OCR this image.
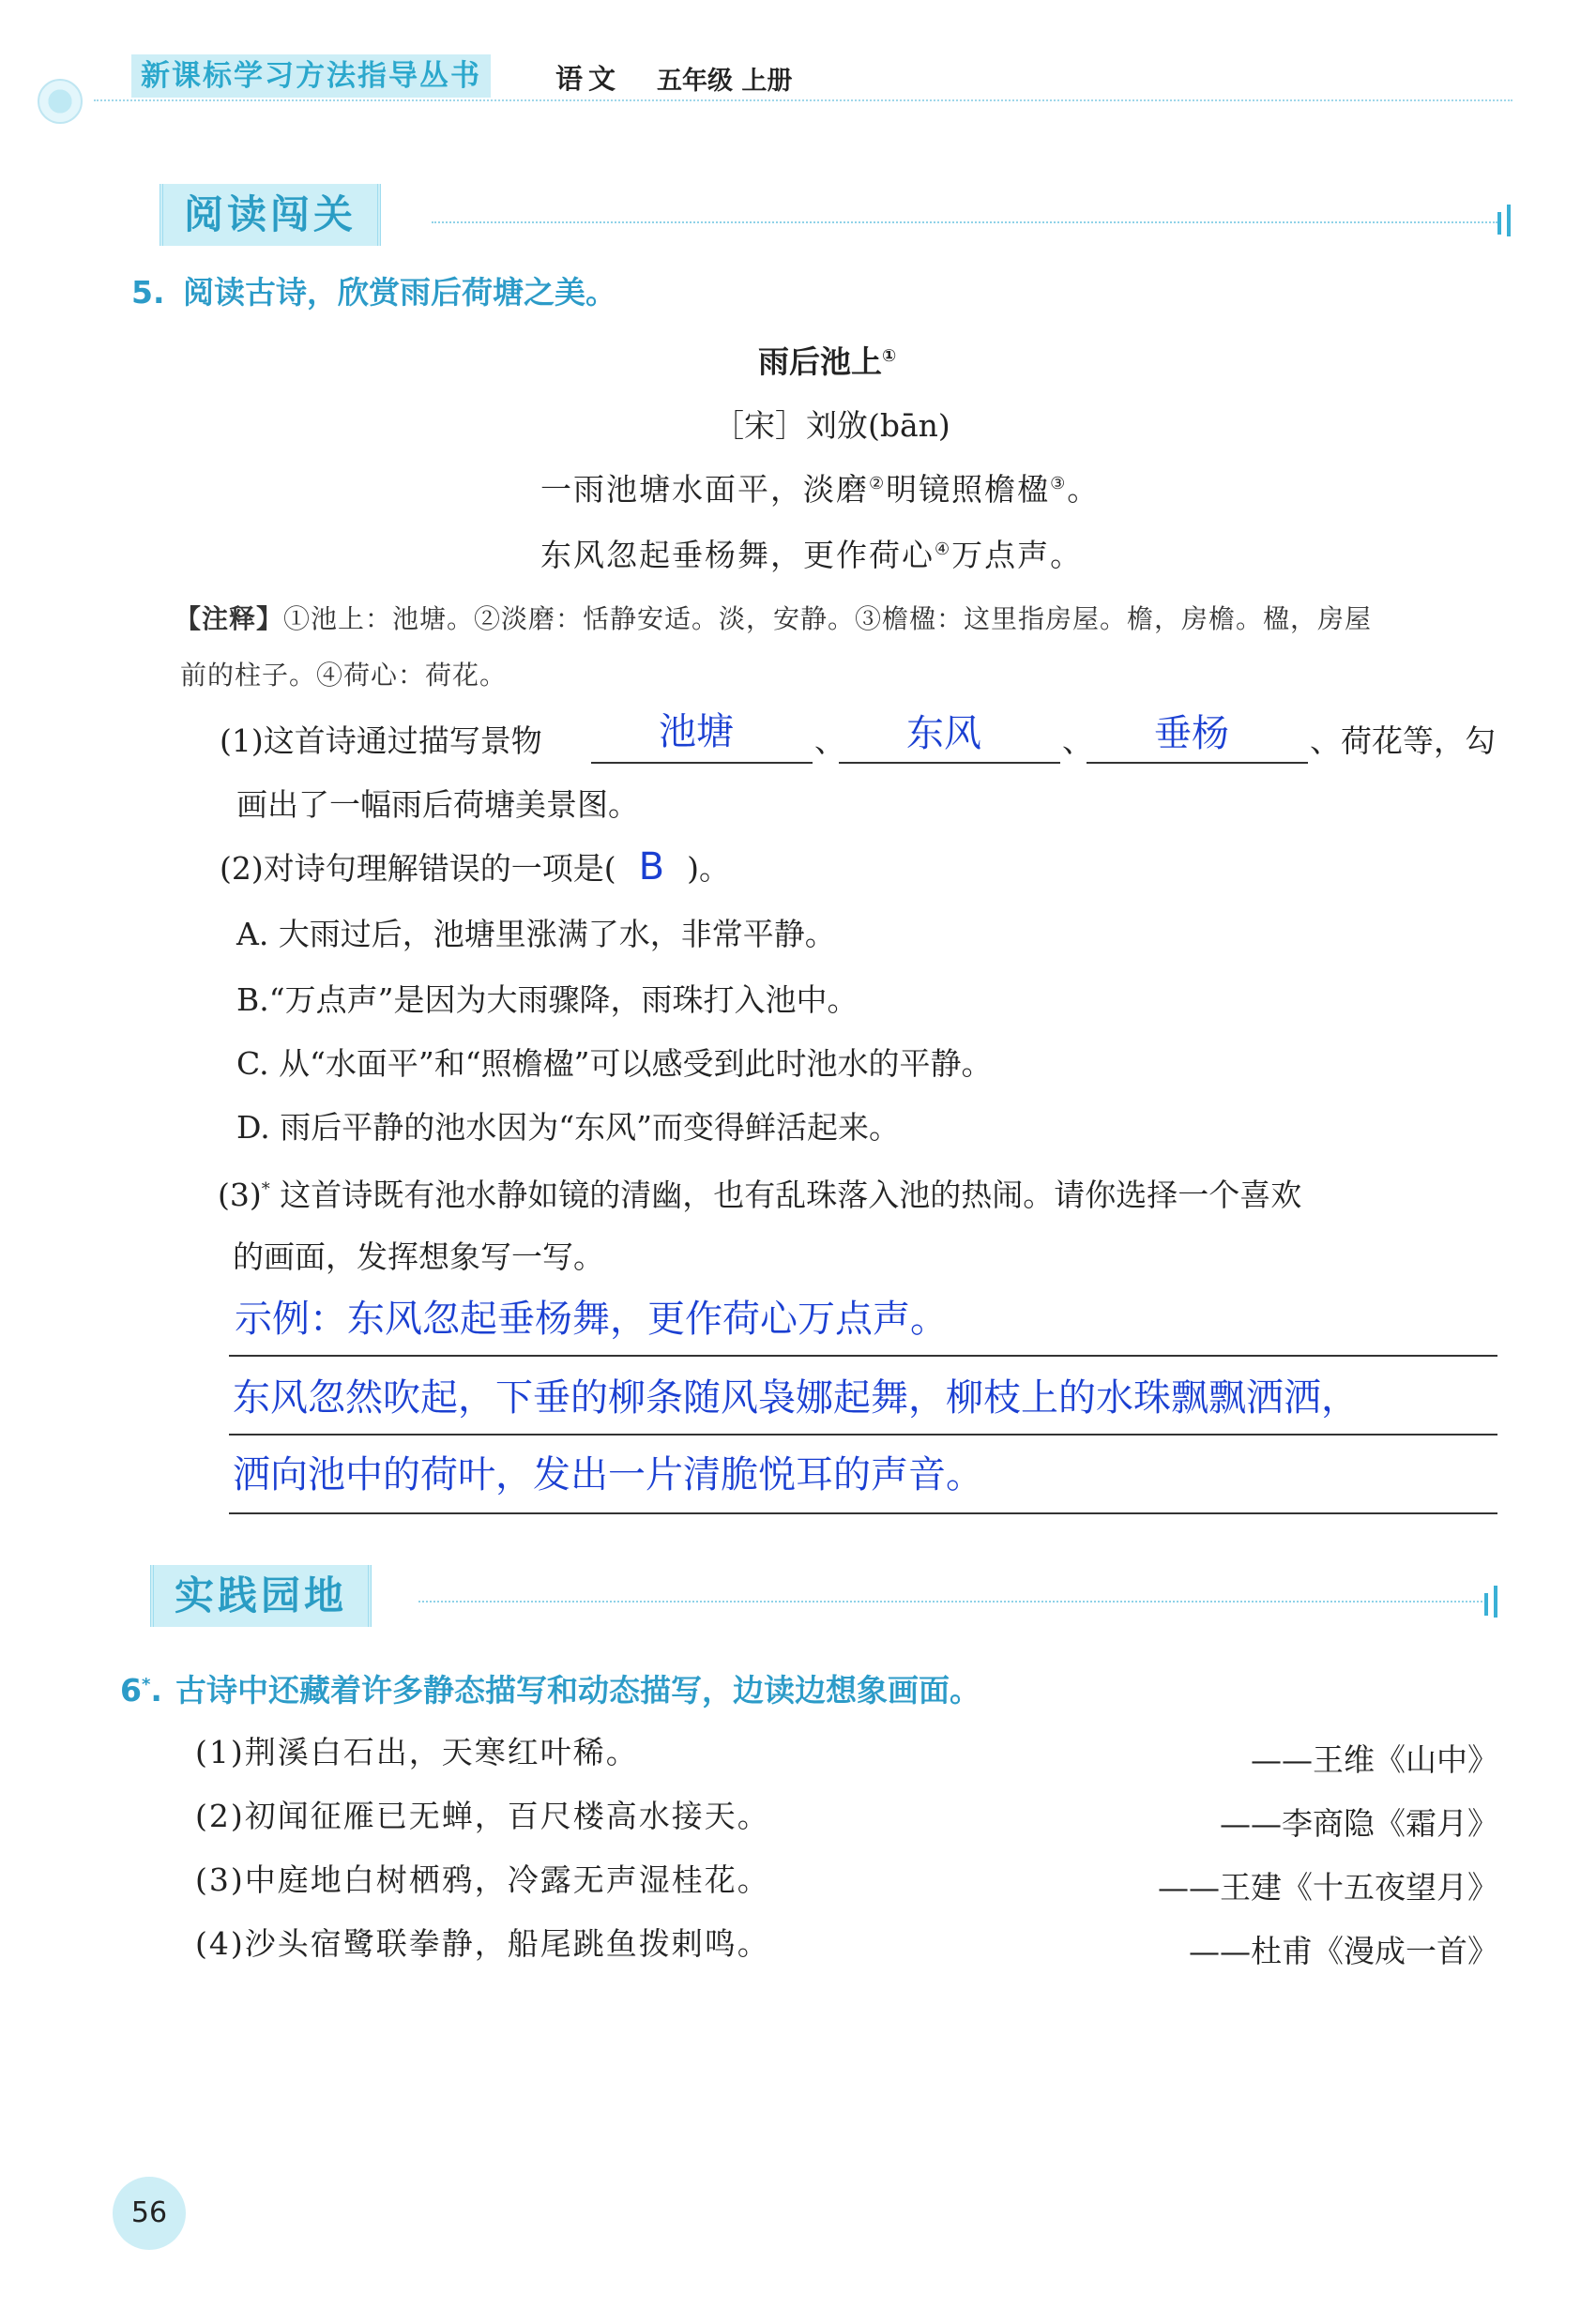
新课标学习方法指导丛书	语文 五年级 上册
阅读闯关
5. 阅读古诗，欣赏雨后荷塘之美。
雨后池上①
［宋］刘攽(bān)
一雨池塘水面平，淡磨②明镜照檐楹③。
东风忽起垂杨舞，更作荷心④万点声。
【注释】①池上：池塘。②淡磨：恬静安适。淡，安静。③檐楹：这里指房屋。檐，房檐。楹，房屋
前的柱子。④荷心：荷花。
(1)这首诗通过描写景物	池塘	、 东风	、 垂杨	、荷花等，勾
画出了一幅雨后荷塘美景图。
(2)对诗句理解错误的一项是( B )。
A. 大雨过后，池塘里涨满了水，非常平静。
B.“万点声”是因为大雨骤降，雨珠打入池中。
C. 从“水面平”和“照檐楹”可以感受到此时池水的平静。
D. 雨后平静的池水因为“东风”而变得鲜活起来。
(3)* 这首诗既有池水静如镜的清幽，也有乱珠落入池的热闹。请你选择一个喜欢
的画面，发挥想象写一写。
示例：东风忽起垂杨舞，更作荷心万点声。
东风忽然吹起，下垂的柳条随风袅娜起舞，柳枝上的水珠飘飘洒洒，
洒向池中的荷叶，发出一片清脆悦耳的声音。
实践园地
6*. 古诗中还藏着许多静态描写和动态描写，边读边想象画面。
(1)荆溪白石出，天寒红叶稀。	——王维《山中》
(2)初闻征雁已无蝉，百尺楼高水接天。	——李商隐《霜月》
(3)中庭地白树栖鸦，冷露无声湿桂花。	——王建《十五夜望月》
(4)沙头宿鹭联拳静，船尾跳鱼拨剌鸣。	——杜甫《漫成一首》
56
